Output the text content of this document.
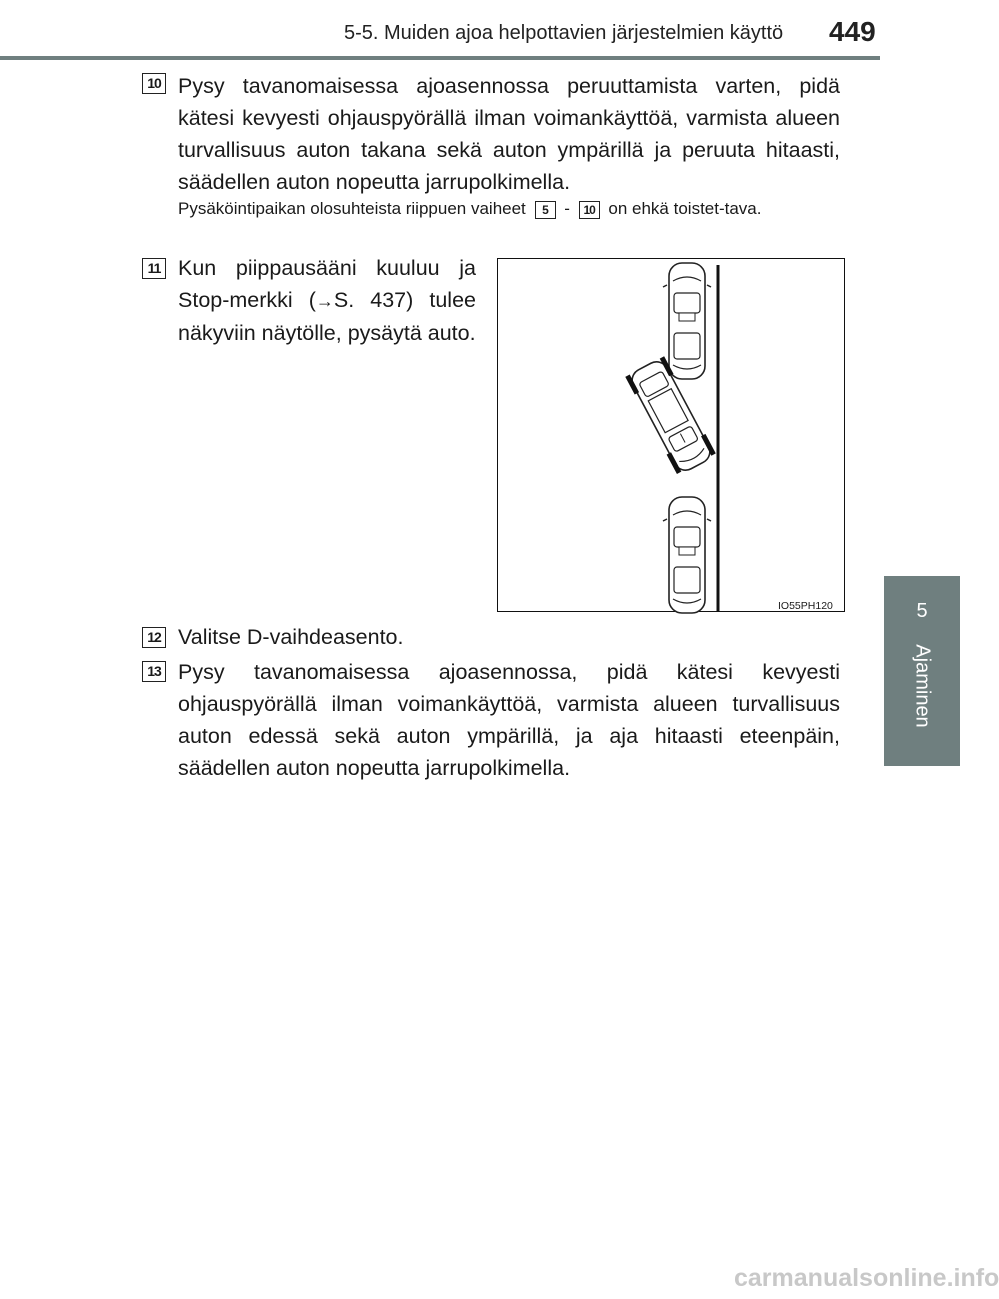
5-5. Muiden ajoa helpottavien järjestelmien käyttö 449
5
Ajaminen
10 Pysy tavanomaisessa ajoasennossa peruuttamista varten, pidä kätesi kevyesti ohjauspyörällä ilman voimankäyttöä, varmista alueen turvallisuus auton takana sekä auton ympärillä ja peruuta hitaasti, säädellen auton nopeutta jarrupolkimella.
Pysäköintipaikan olosuhteista riippuen vaiheet 5 - 10 on ehkä toistet-tava.
11 Kun piippausääni kuuluu ja Stop-merkki (→S. 437) tulee näkyviin näytölle, pysäytä auto.
IO55PH120
12 Valitse D-vaihdeasento.
13 Pysy tavanomaisessa ajoasennossa, pidä kätesi kevyesti ohjauspyörällä ilman voimankäyttöä, varmista alueen turvallisuus auton edessä sekä auton ympärillä, ja aja hitaasti eteenpäin, säädellen auton nopeutta jarrupolkimella.
carmanualsonline.info
